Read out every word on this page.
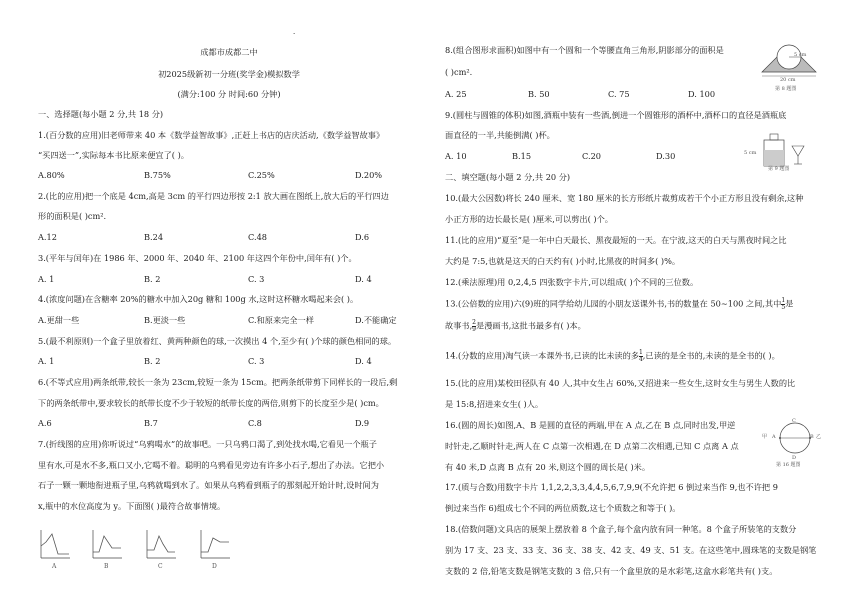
·
成都市成都二中
初2025级新初一分班(奖学金)模拟数学
(满分:100 分 时间:60 分钟)
一、选择题(每小题 2 分,共 18 分)
1.(百分数的应用)旧老师带来 40 本《数学益智故事》,正赶上书店的店庆活动,《数学益智故事》
“买四送一”,实际每本书比原来便宜了( )。
A.80%	B.75%	C.25%	D.20%
2.(比的应用)把一个底是 4cm,高是 3cm 的平行四边形按 2:1 放大画在图纸上,放大后的平行四边
形的面积是( )cm².
A.12	B.24	C.48	D.6
3.(平年与闰年)在 1986 年、2000 年、2040 年、2100 年这四个年份中,闰年有( )个。
A. 1	B. 2	C. 3	D. 4
4.(浓度问题)在含糖率 20%的糖水中加入20g 糖和 100g 水,这时这杯糖水喝起来会( )。
A.更甜一些	B.更淡一些	C.和原来完全一样	D.不能确定
5.(最不利原则)一个盒子里放着红、黄两种颜色的球,一次摸出 4 个,至少有( )个球的颜色相同的球。
A. 1	B. 2	C. 3	D. 4
6.(不等式应用)两条纸带,较长一条为 23cm,较短一条为 15cm。把两条纸带剪下同样长的一段后,剩
下的两条纸带中,要求较长的纸带长度不少于较短的纸带长度的两倍,则剪下的长度至少是( )cm。
A.6	B.7	C.8	D.9
7.(折线图的应用)你听说过“乌鸦喝水”的故事吧。一只乌鸦口渴了,到处找水喝,它看见一个瓶子
里有水,可是水不多,瓶口又小,它喝不着。聪明的乌鸦看见旁边有许多小石子,想出了办法。它把小
石子一颗一颗地衔进瓶子里,乌鸦就喝到水了。如果从乌鸦看到瓶子的那刻起开始计时,设时间为
x,瓶中的水位高度为 y。下面图( )最符合故事情境。
A	B	C	D
8.(组合图形求面积)如图中有一个圆和一个等腰直角三角形,阴影部分的面积是
( )cm².
A. 25	B. 50	C. 75	D. 100
5 cm
20 cm
第 8 题图
9.(圆柱与圆锥的体积)如图,酒瓶中装有一些酒,倒进一个圆锥形的酒杯中,酒杯口的直径是酒瓶底
面直径的一半,共能倒满( )杯。
A. 10	B.15	C.20	D.30	5 cm
第 9 题图
二、填空题(每小题 2 分,共 20 分)
10.(最大公因数)将长 240 厘米、宽 180 厘米的长方形纸片裁剪成若干个小正方形且没有剩余,这种
小正方形的边长最长是( )厘米,可以剪出( )个。
11.(比的应用)“夏至”是一年中白天最长、黑夜最短的一天。在宁波,这天的白天与黑夜时间之比
大约是 7:5,也就是这天的白天约有( )小时,比黑夜的时间多( )%。
12.(乘法原理)用 0,2,4,5 四张数字卡片,可以组成( )个不同的三位数。
13.(公倍数的应用)六(9)班的同学给幼儿园的小朋友送课外书,书的数量在 50~100 之间,其中 $\frac{1}{5}$ 是
故事书, $\frac{2}{9}$ 是漫画书,这批书最多有( )本。
14.(分数的应用)淘气读一本课外书,已读的比未读的多 $\frac{1}{4}$ ,已读的是全书的,未读的是全书的( )。
15.(比的应用)某校田径队有 40 人,其中女生占 60%,又招进来一些女生,这时女生与男生人数的比
是 15:8,招进来女生( )人。
16.(圆的周长)如图,A、B 是圆的直径的两端,甲在 A 点,乙在 B 点,同时出发,甲逆
时针走,乙顺时针走,两人在 C 点第一次相遇,在 D 点第二次相遇,已知 C 点离 A 点
有 40 米,D 点离 B 点有 20 米,则这个圆的周长是( )米。
甲 A	B 乙
C
D
第 16 题图
17.(质与合数)用数字卡片 1,1,2,2,3,3,4,4,5,6,7,9,9(不允许把 6 倒过来当作 9,也不许把 9
倒过来当作 6)组成七个不同的两位质数,这七个质数之和等于( )。
18.(倍数问题)文具店的展架上摆放着 8 个盒子,每个盒内放有同一种笔。8 个盒子所装笔的支数分
别为 17 支、23 支、33 支、36 支、38 支、42 支、49 支、51 支。在这些笔中,圆珠笔的支数是钢笔
支数的 2 倍,铅笔支数是钢笔支数的 3 倍,只有一个盒里放的是水彩笔,这盒水彩笔共有( )支。
